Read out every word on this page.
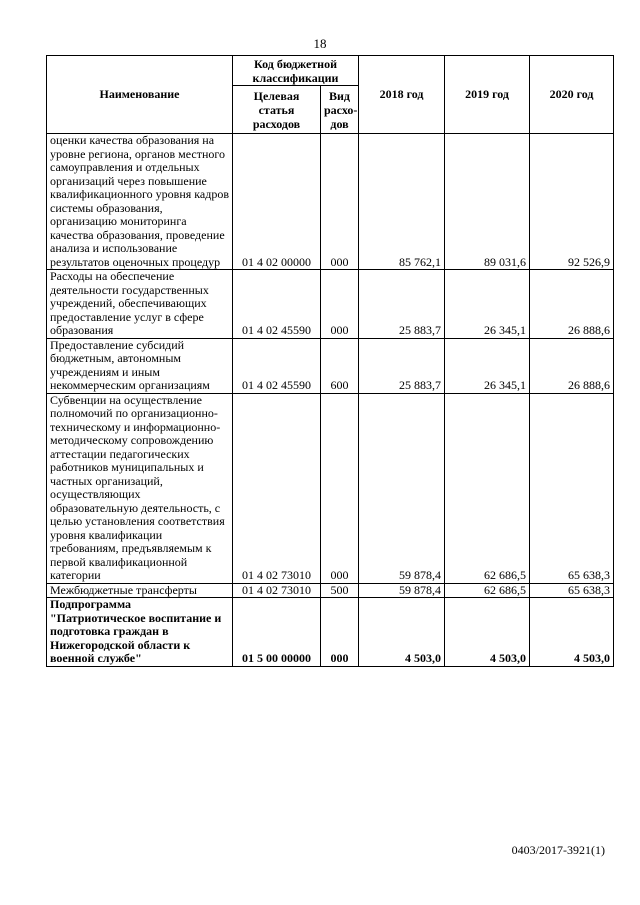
18
Наименование	Код бюджетной классификации		2018 год	2019 год	2020 год
	Целевая статья расходов	Вид расхо-дов			
оценки качества образования на уровне региона, органов местного самоуправления и отдельных организаций через повышение квалификационного уровня кадров системы образования, организацию мониторинга качества образования, проведение анализа и использование результатов оценочных процедур	01 4 02 00000	000	85 762,1	89 031,6	92 526,9
Расходы на обеспечение деятельности государственных учреждений, обеспечивающих предоставление услуг в сфере образования	01 4 02 45590	000	25 883,7	26 345,1	26 888,6
Предоставление субсидий бюджетным, автономным учреждениям и иным некоммерческим организациям	01 4 02 45590	600	25 883,7	26 345,1	26 888,6
Субвенции на осуществление полномочий по организационно-техническому и информационно-методическому сопровождению аттестации педагогических работников муниципальных и частных организаций, осуществляющих образовательную деятельность, с целью установления соответствия уровня квалификации требованиям, предъявляемым к первой квалификационной категории	01 4 02 73010	000	59 878,4	62 686,5	65 638,3
Межбюджетные трансферты	01 4 02 73010	500	59 878,4	62 686,5	65 638,3
Подпрограмма "Патриотическое воспитание и подготовка граждан в Нижегородской области к военной службе"	01 5 00 00000	000	4 503,0	4 503,0	4 503,0
0403/2017-3921(1)
